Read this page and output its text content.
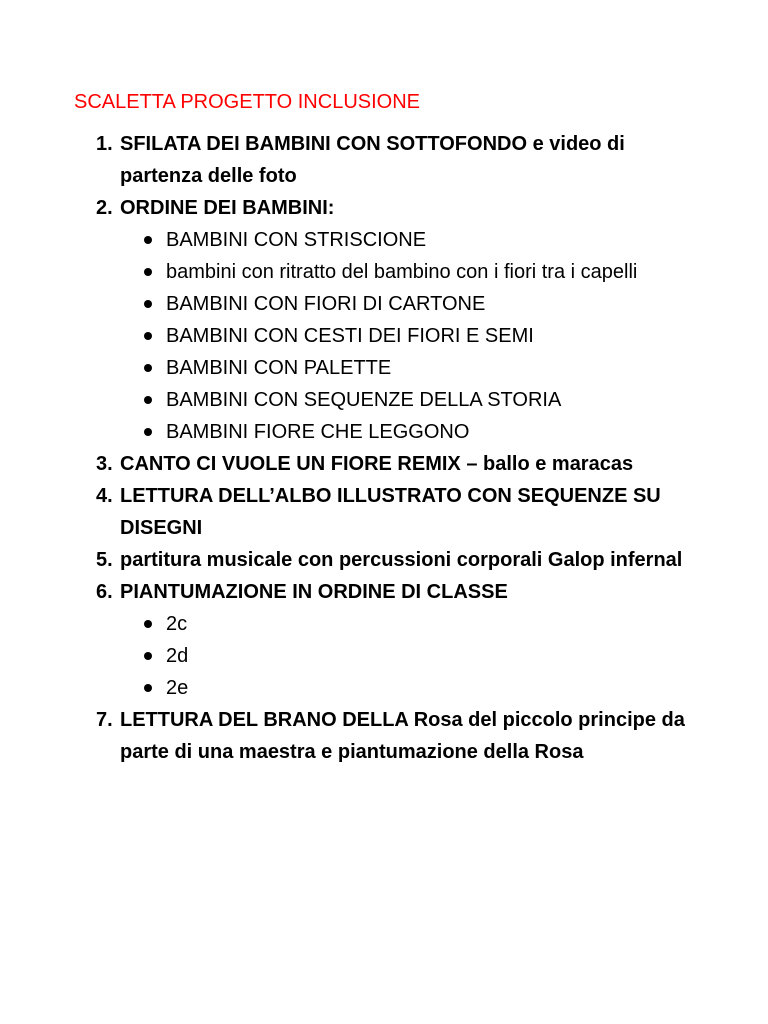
SCALETTA PROGETTO INCLUSIONE
1. SFILATA DEI BAMBINI CON SOTTOFONDO e video di partenza delle foto
2. ORDINE DEI BAMBINI:
BAMBINI CON STRISCIONE
bambini con ritratto del bambino con i fiori tra i capelli
BAMBINI CON FIORI DI CARTONE
BAMBINI CON CESTI DEI FIORI E SEMI
BAMBINI CON PALETTE
BAMBINI CON SEQUENZE DELLA STORIA
BAMBINI FIORE CHE LEGGONO
3. CANTO CI VUOLE UN FIORE REMIX – ballo e maracas
4. LETTURA DELL’ALBO ILLUSTRATO CON SEQUENZE SU DISEGNI
5. partitura musicale con percussioni corporali Galop infernal
6. PIANTUMAZIONE IN ORDINE DI CLASSE
2c
2d
2e
7. LETTURA DEL BRANO DELLA Rosa del piccolo principe da parte di una maestra e piantumazione della Rosa
